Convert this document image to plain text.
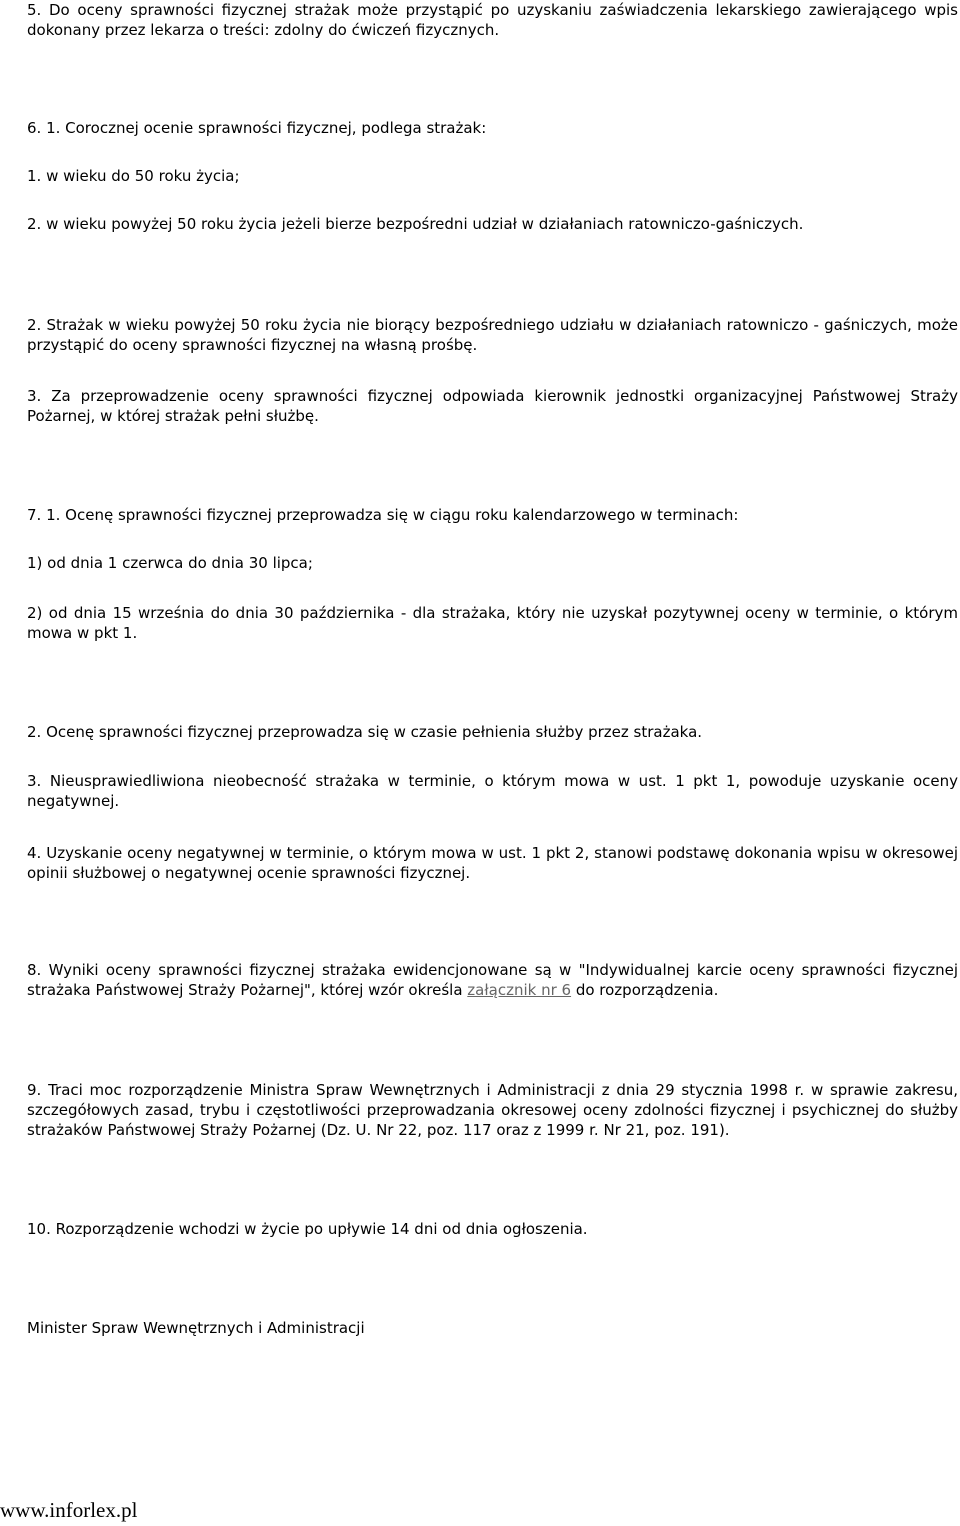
5. Do oceny sprawności fizycznej strażak może przystąpić po uzyskaniu zaświadczenia lekarskiego zawierającego wpis dokonany przez lekarza o treści: zdolny do ćwiczeń fizycznych.

6. 1. Corocznej ocenie sprawności fizycznej, podlega strażak:

1. w wieku do 50 roku życia;

2. w wieku powyżej 50 roku życia jeżeli bierze bezpośredni udział w działaniach ratowniczo-gaśniczych.

2. Strażak w wieku powyżej 50 roku życia nie biorący bezpośredniego udziału w działaniach ratowniczo - gaśniczych, może przystąpić do oceny sprawności fizycznej na własną prośbę.

3. Za przeprowadzenie oceny sprawności fizycznej odpowiada kierownik jednostki organizacyjnej Państwowej Straży Pożarnej, w której strażak pełni służbę.

7. 1. Ocenę sprawności fizycznej przeprowadza się w ciągu roku kalendarzowego w terminach:

1) od dnia 1 czerwca do dnia 30 lipca;

2) od dnia 15 września do dnia 30 października - dla strażaka, który nie uzyskał pozytywnej oceny w terminie, o którym mowa w pkt 1.

2. Ocenę sprawności fizycznej przeprowadza się w czasie pełnienia służby przez strażaka.

3. Nieusprawiedliwiona nieobecność strażaka w terminie, o którym mowa w ust. 1 pkt 1, powoduje uzyskanie oceny negatywnej.

4. Uzyskanie oceny negatywnej w terminie, o którym mowa w ust. 1 pkt 2, stanowi podstawę dokonania wpisu w okresowej opinii służbowej o negatywnej ocenie sprawności fizycznej.

8. Wyniki oceny sprawności fizycznej strażaka ewidencjonowane są w "Indywidualnej karcie oceny sprawności fizycznej strażaka Państwowej Straży Pożarnej", której wzór określa załącznik nr 6 do rozporządzenia.

9. Traci moc rozporządzenie Ministra Spraw Wewnętrznych i Administracji z dnia 29 stycznia 1998 r. w sprawie zakresu, szczegółowych zasad, trybu i częstotliwości przeprowadzania okresowej oceny zdolności fizycznej i psychicznej do służby strażaków Państwowej Straży Pożarnej (Dz. U. Nr 22, poz. 117 oraz z 1999 r. Nr 21, poz. 191).

10. Rozporządzenie wchodzi w życie po upływie 14 dni od dnia ogłoszenia.

Minister Spraw Wewnętrznych i Administracji

www.inforlex.pl
